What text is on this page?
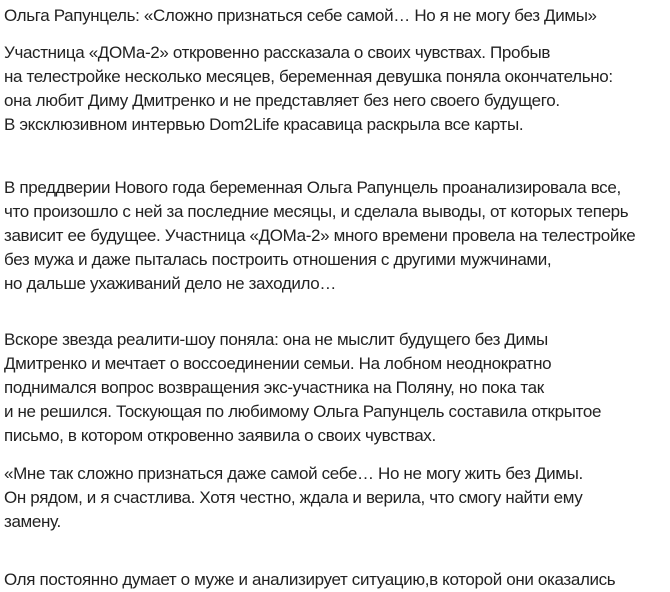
Ольга Рапунцель: «Сложно признаться себе самой… Но я не могу без Димы»
Участница «ДОМа-2» откровенно рассказала о своих чувствах. Пробыв
на телестройке несколько месяцев, беременная девушка поняла окончательно:
она любит Диму Дмитренко и не представляет без него своего будущего.
В эксклюзивном интервью Dom2Life красавица раскрыла все карты.
В преддверии Нового года беременная Ольга Рапунцель проанализировала все,
что произошло с ней за последние месяцы, и сделала выводы, от которых теперь
зависит ее будущее. Участница «ДОМа-2» много времени провела на телестройке
без мужа и даже пыталась построить отношения с другими мужчинами,
но дальше ухаживаний дело не заходило…
Вскоре звезда реалити-шоу поняла: она не мыслит будущего без Димы
Дмитренко и мечтает о воссоединении семьи. На лобном неоднократно
поднимался вопрос возвращения экс-участника на Поляну, но пока так
и не решился. Тоскующая по любимому Ольга Рапунцель составила открытое
письмо, в котором откровенно заявила о своих чувствах.
«Мне так сложно признаться даже самой себе… Но не могу жить без Димы.
Он рядом, и я счастлива. Хотя честно, ждала и верила, что смогу найти ему
замену.
Оля постоянно думает о муже и анализирует ситуацию,в которой они оказались
